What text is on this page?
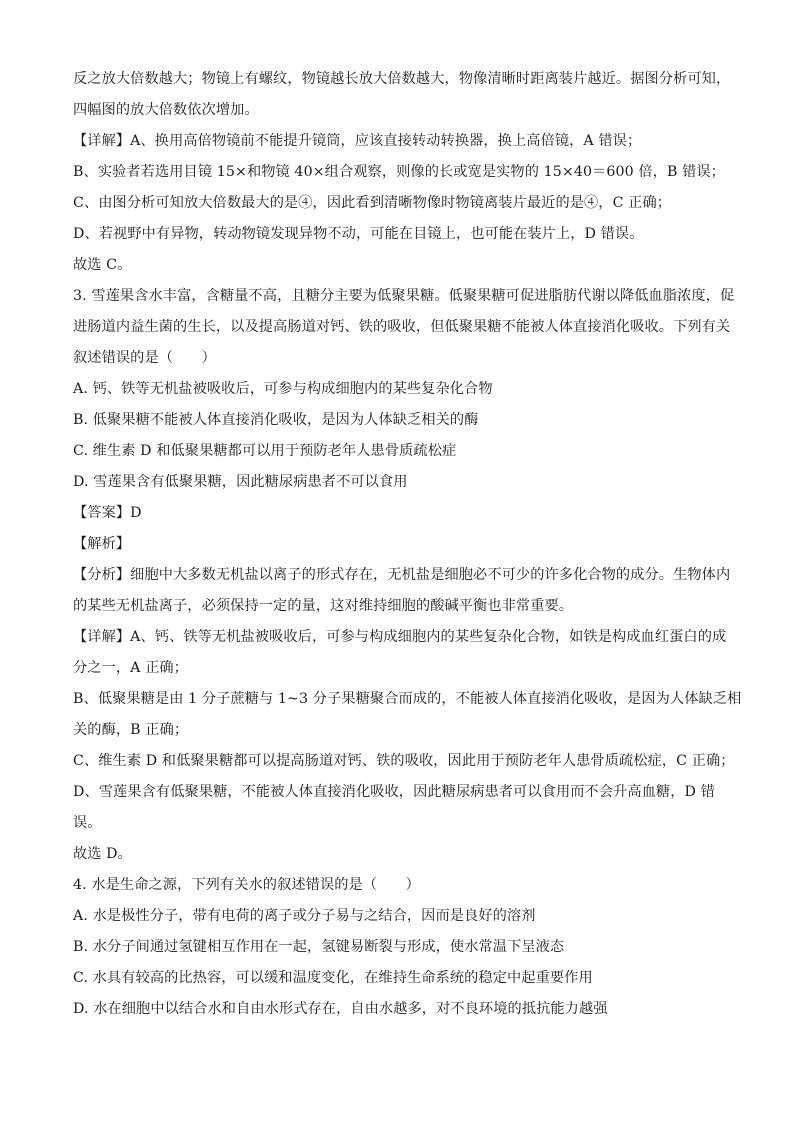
反之放大倍数越大；物镜上有螺纹，物镜越长放大倍数越大，物像清晰时距离装片越近。据图分析可知，
四幅图的放大倍数依次增加。
【详解】A、换用高倍物镜前不能提升镜筒，应该直接转动转换器，换上高倍镜，A 错误；
B、实验者若选用目镜 15×和物镜 40×组合观察，则像的长或宽是实物的 15×40＝600 倍，B 错误；
C、由图分析可知放大倍数最大的是④，因此看到清晰物像时物镜离装片最近的是④，C 正确；
D、若视野中有异物，转动物镜发现异物不动，可能在目镜上，也可能在装片上，D 错误。
故选 C。
3. 雪莲果含水丰富，含糖量不高，且糖分主要为低聚果糖。低聚果糖可促进脂肪代谢以降低血脂浓度，促
进肠道内益生菌的生长，以及提高肠道对钙、铁的吸收，但低聚果糖不能被人体直接消化吸收。下列有关
叙述错误的是（　　）
A. 钙、铁等无机盐被吸收后，可参与构成细胞内的某些复杂化合物
B. 低聚果糖不能被人体直接消化吸收，是因为人体缺乏相关的酶
C. 维生素 D 和低聚果糖都可以用于预防老年人患骨质疏松症
D. 雪莲果含有低聚果糖，因此糖尿病患者不可以食用
【答案】D
【解析】
【分析】细胞中大多数无机盐以离子的形式存在，无机盐是细胞必不可少的许多化合物的成分。生物体内
的某些无机盐离子，必须保持一定的量，这对维持细胞的酸碱平衡也非常重要。
【详解】A、钙、铁等无机盐被吸收后，可参与构成细胞内的某些复杂化合物，如铁是构成血红蛋白的成
分之一，A 正确；
B、低聚果糖是由 1 分子蔗糖与 1~3 分子果糖聚合而成的，不能被人体直接消化吸收，是因为人体缺乏相
关的酶，B 正确；
C、维生素 D 和低聚果糖都可以提高肠道对钙、铁的吸收，因此用于预防老年人患骨质疏松症，C 正确；
D、雪莲果含有低聚果糖，不能被人体直接消化吸收，因此糖尿病患者可以食用而不会升高血糖，D 错
误。
故选 D。
4. 水是生命之源，下列有关水的叙述错误的是（　　）
A. 水是极性分子，带有电荷的离子或分子易与之结合，因而是良好的溶剂
B. 水分子间通过氢键相互作用在一起，氢键易断裂与形成，使水常温下呈液态
C. 水具有较高的比热容，可以缓和温度变化，在维持生命系统的稳定中起重要作用
D. 水在细胞中以结合水和自由水形式存在，自由水越多，对不良环境的抵抗能力越强
